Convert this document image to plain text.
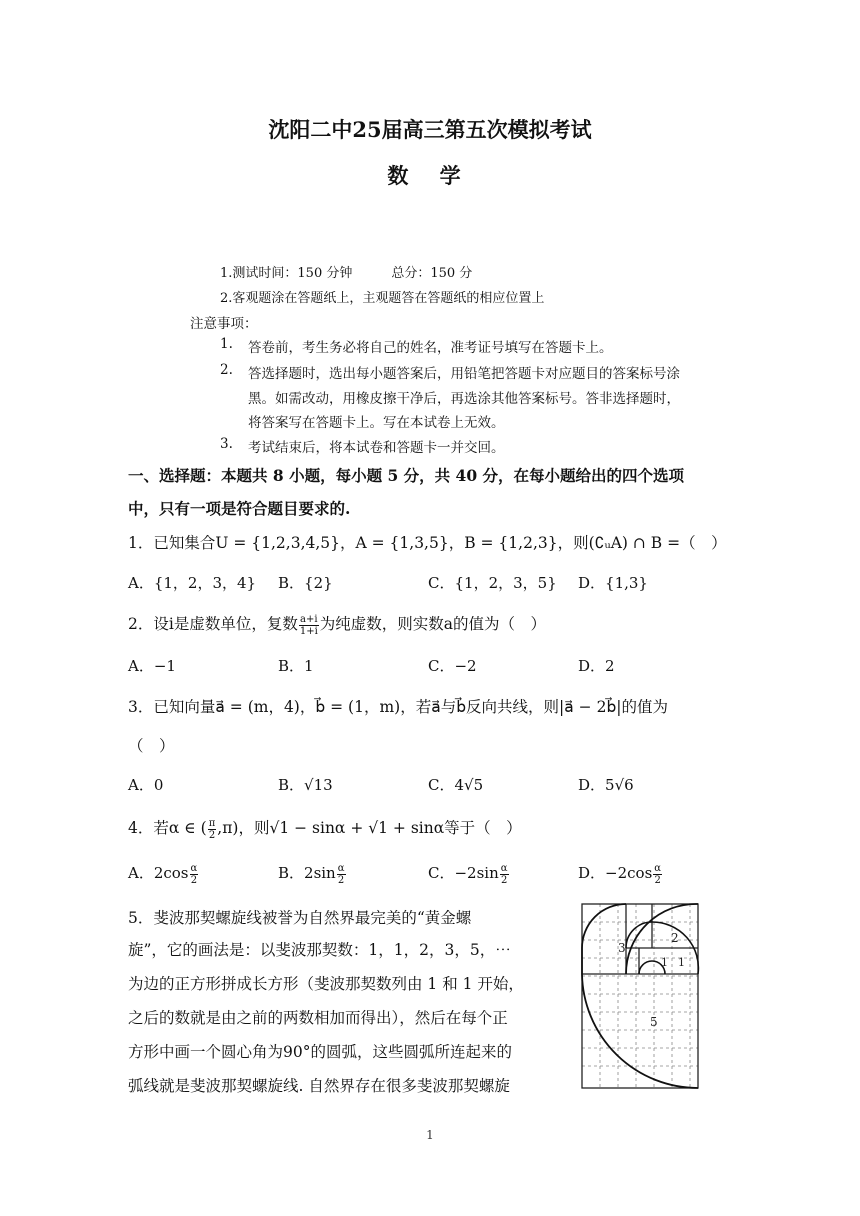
沈阳二中25届高三第五次模拟考试
数 学
1.测试时间：150 分钟　　　总分：150 分
2.客观题涂在答题纸上，主观题答在答题纸的相应位置上
注意事项：
1. 答卷前，考生务必将自己的姓名，准考证号填写在答题卡上。
2. 答选择题时，选出每小题答案后，用铅笔把答题卡对应题目的答案标号涂
黑。如需改动，用橡皮擦干净后，再选涂其他答案标号。答非选择题时，
将答案写在答题卡上。写在本试卷上无效。
3. 考试结束后，将本试卷和答题卡一并交回。
一、选择题：本题共 8 小题，每小题 5 分，共 40 分，在每小题给出的四个选项
中，只有一项是符合题目要求的.
1．已知集合U = {1,2,3,4,5}，A = {1,3,5}，B = {1,2,3}，则(∁ᵤA) ∩ B =（　）
A．{1，2，3，4} B．{2}	C．{1，2，3，5} D．{1,3}
2．设i是虚数单位，复数 $\frac{a+i}{1+i}$ 为纯虚数，则实数a的值为（　）
A．−1	B．1	C．−2	D．2
3．已知向量a⃗ = (m，4)，b⃗ = (1，m)，若a⃗与b⃗反向共线，则|a⃗ − 2b⃗|的值为
（　）
A．0	B．√13	C．4√5	D．5√6
4．若α ∈ ( $\frac{\pi}{2} ,\pi$)，则√1 − sinα + √1 + sinα等于（　）
A．$2\cos \frac{\alpha}{2}$	B．$2\sin \frac{\alpha}{2}$	C．$-2\sin \frac{\alpha}{2}$	D．$-2\cos \frac{\alpha}{2}$
5．斐波那契螺旋线被誉为自然界最完美的“黄金螺
旋”，它的画法是：以斐波那契数：1，1，2，3，5，⋯
为边的正方形拼成长方形（斐波那契数列由 1 和 1 开始，
之后的数就是由之前的两数相加而得出），然后在每个正
方形中画一个圆心角为90°的圆弧，这些圆弧所连起来的
弧线就是斐波那契螺旋线. 自然界存在很多斐波那契螺旋
3
2
1 1
5
1
